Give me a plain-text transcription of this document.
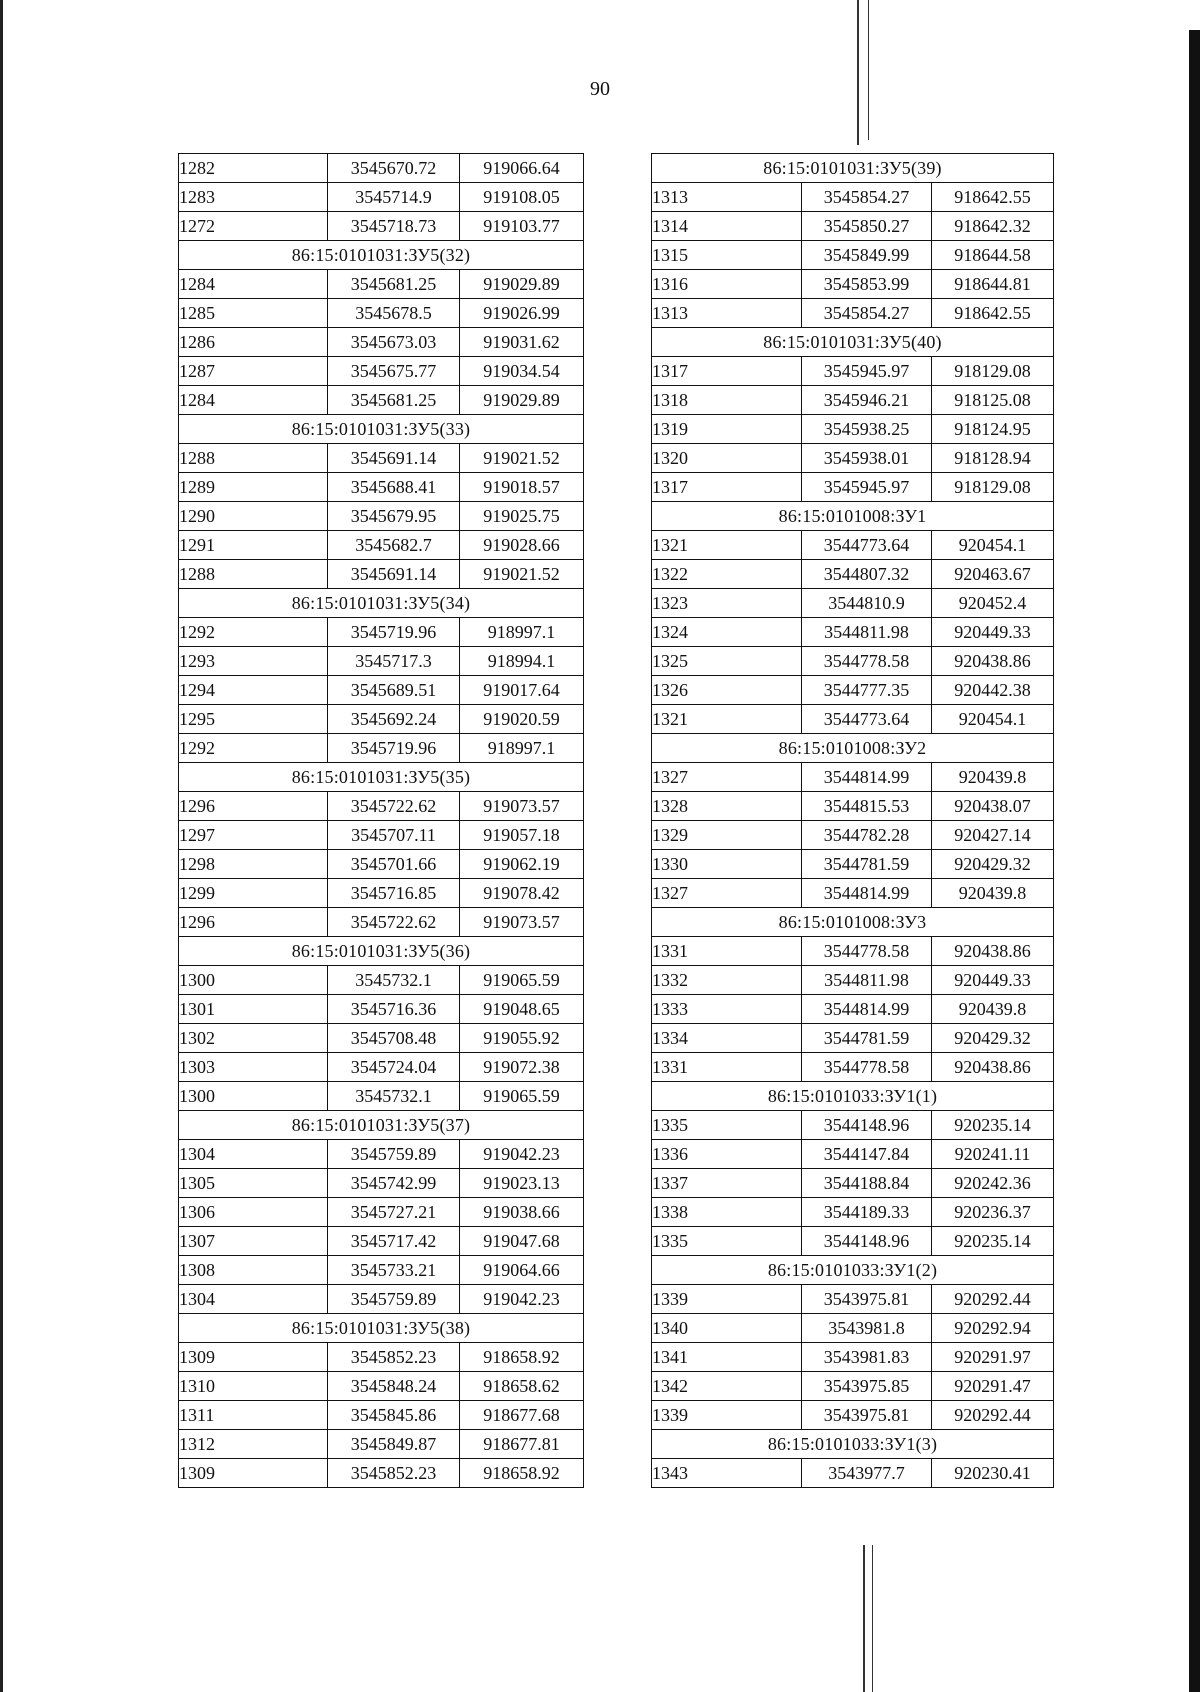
90
1282	3545670.72	919066.64
1283	3545714.9	919108.05
1272	3545718.73	919103.77
86:15:0101031:ЗУ5(32)		
1284	3545681.25	919029.89
1285	3545678.5	919026.99
1286	3545673.03	919031.62
1287	3545675.77	919034.54
1284	3545681.25	919029.89
86:15:0101031:ЗУ5(33)		
1288	3545691.14	919021.52
1289	3545688.41	919018.57
1290	3545679.95	919025.75
1291	3545682.7	919028.66
1288	3545691.14	919021.52
86:15:0101031:ЗУ5(34)		
1292	3545719.96	918997.1
1293	3545717.3	918994.1
1294	3545689.51	919017.64
1295	3545692.24	919020.59
1292	3545719.96	918997.1
86:15:0101031:ЗУ5(35)		
1296	3545722.62	919073.57
1297	3545707.11	919057.18
1298	3545701.66	919062.19
1299	3545716.85	919078.42
1296	3545722.62	919073.57
86:15:0101031:ЗУ5(36)		
1300	3545732.1	919065.59
1301	3545716.36	919048.65
1302	3545708.48	919055.92
1303	3545724.04	919072.38
1300	3545732.1	919065.59
86:15:0101031:ЗУ5(37)		
1304	3545759.89	919042.23
1305	3545742.99	919023.13
1306	3545727.21	919038.66
1307	3545717.42	919047.68
1308	3545733.21	919064.66
1304	3545759.89	919042.23
86:15:0101031:ЗУ5(38)		
1309	3545852.23	918658.92
1310	3545848.24	918658.62
1311	3545845.86	918677.68
1312	3545849.87	918677.81
1309	3545852.23	918658.92
86:15:0101031:ЗУ5(39)		
1313	3545854.27	918642.55
1314	3545850.27	918642.32
1315	3545849.99	918644.58
1316	3545853.99	918644.81
1313	3545854.27	918642.55
86:15:0101031:ЗУ5(40)		
1317	3545945.97	918129.08
1318	3545946.21	918125.08
1319	3545938.25	918124.95
1320	3545938.01	918128.94
1317	3545945.97	918129.08
86:15:0101008:ЗУ1		
1321	3544773.64	920454.1
1322	3544807.32	920463.67
1323	3544810.9	920452.4
1324	3544811.98	920449.33
1325	3544778.58	920438.86
1326	3544777.35	920442.38
1321	3544773.64	920454.1
86:15:0101008:ЗУ2		
1327	3544814.99	920439.8
1328	3544815.53	920438.07
1329	3544782.28	920427.14
1330	3544781.59	920429.32
1327	3544814.99	920439.8
86:15:0101008:ЗУ3		
1331	3544778.58	920438.86
1332	3544811.98	920449.33
1333	3544814.99	920439.8
1334	3544781.59	920429.32
1331	3544778.58	920438.86
86:15:0101033:ЗУ1(1)		
1335	3544148.96	920235.14
1336	3544147.84	920241.11
1337	3544188.84	920242.36
1338	3544189.33	920236.37
1335	3544148.96	920235.14
86:15:0101033:ЗУ1(2)		
1339	3543975.81	920292.44
1340	3543981.8	920292.94
1341	3543981.83	920291.97
1342	3543975.85	920291.47
1339	3543975.81	920292.44
86:15:0101033:ЗУ1(3)		
1343	3543977.7	920230.41
